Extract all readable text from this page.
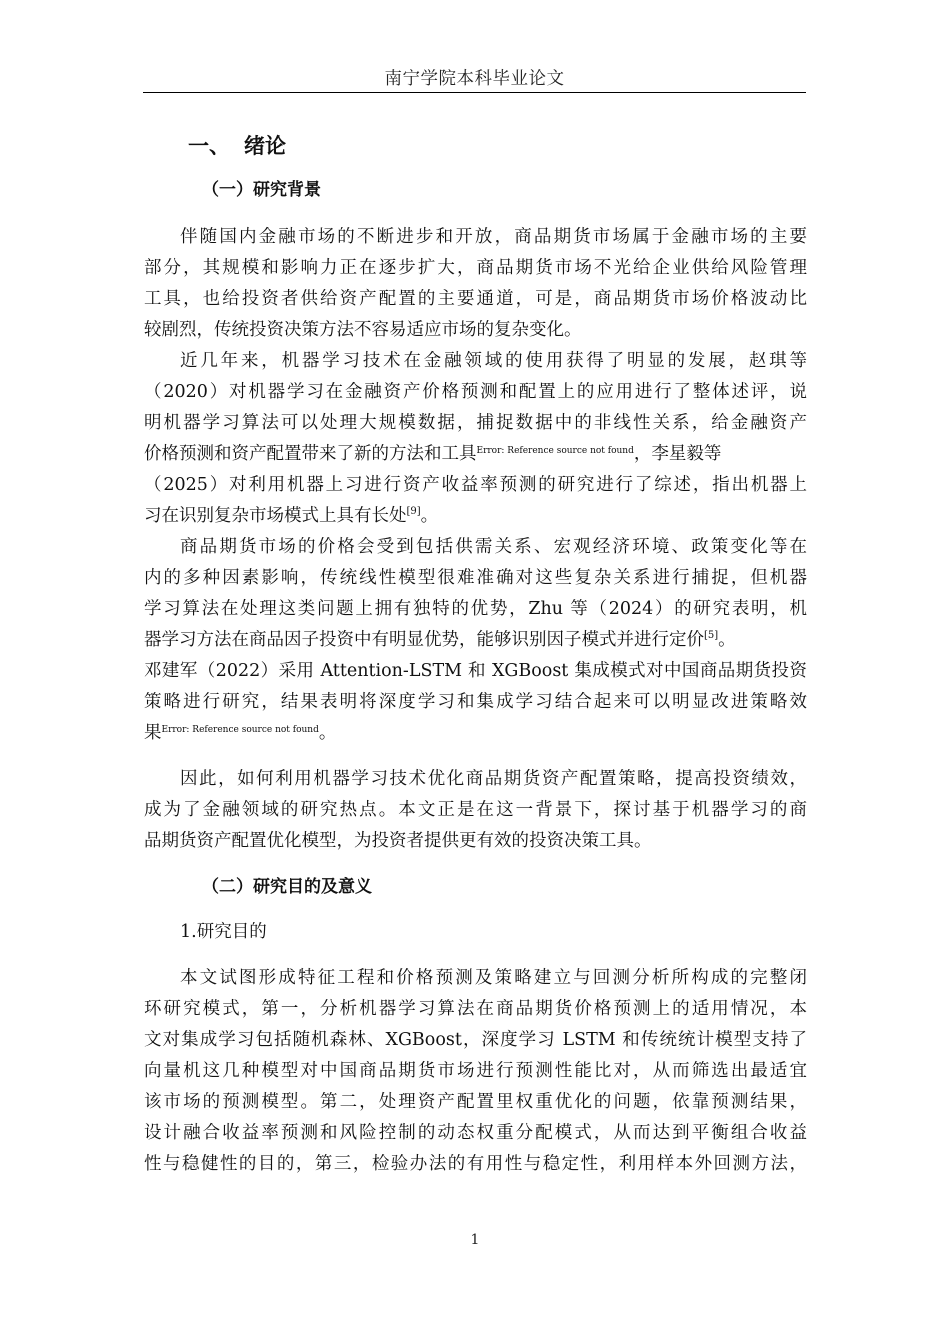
南宁学院本科毕业论文
一、 绪论
（一）研究背景
伴随国内金融市场的不断进步和开放，商品期货市场属于金融市场的主要
部分，其规模和影响力正在逐步扩大，商品期货市场不光给企业供给风险管理
工具，也给投资者供给资产配置的主要通道，可是，商品期货市场价格波动比
较剧烈，传统投资决策方法不容易适应市场的复杂变化。
近几年来，机器学习技术在金融领域的使用获得了明显的发展，赵琪等
（2020）对机器学习在金融资产价格预测和配置上的应用进行了整体述评，说
明机器学习算法可以处理大规模数据，捕捉数据中的非线性关系，给金融资产
价格预测和资产配置带来了新的方法和工具$^{Error: Reference source not found}$，李星毅等
（2025）对利用机器上习进行资产收益率预测的研究进行了综述，指出机器上
习在识别复杂市场模式上具有长处[9]。
商品期货市场的价格会受到包括供需关系、宏观经济环境、政策变化等在
内的多种因素影响，传统线性模型很难准确对这些复杂关系进行捕捉，但机器
学习算法在处理这类问题上拥有独特的优势，Zhu 等（2024）的研究表明，机
器学习方法在商品因子投资中有明显优势，能够识别因子模式并进行定价[5]。
邓建军（2022）采用 Attention-LSTM 和 XGBoost 集成模式对中国商品期货投资
策略进行研究，结果表明将深度学习和集成学习结合起来可以明显改进策略效
果$^{Error: Reference source not found}$。
因此，如何利用机器学习技术优化商品期货资产配置策略，提高投资绩效，
成为了金融领域的研究热点。本文正是在这一背景下，探讨基于机器学习的商
品期货资产配置优化模型，为投资者提供更有效的投资决策工具。
（二）研究目的及意义
1.研究目的
本文试图形成特征工程和价格预测及策略建立与回测分析所构成的完整闭
环研究模式，第一，分析机器学习算法在商品期货价格预测上的适用情况，本
文对集成学习包括随机森林、XGBoost，深度学习 LSTM 和传统统计模型支持了
向量机这几种模型对中国商品期货市场进行预测性能比对，从而筛选出最适宜
该市场的预测模型。第二，处理资产配置里权重优化的问题，依靠预测结果，
设计融合收益率预测和风险控制的动态权重分配模式，从而达到平衡组合收益
性与稳健性的目的，第三，检验办法的有用性与稳定性，利用样本外回测方法，
1
